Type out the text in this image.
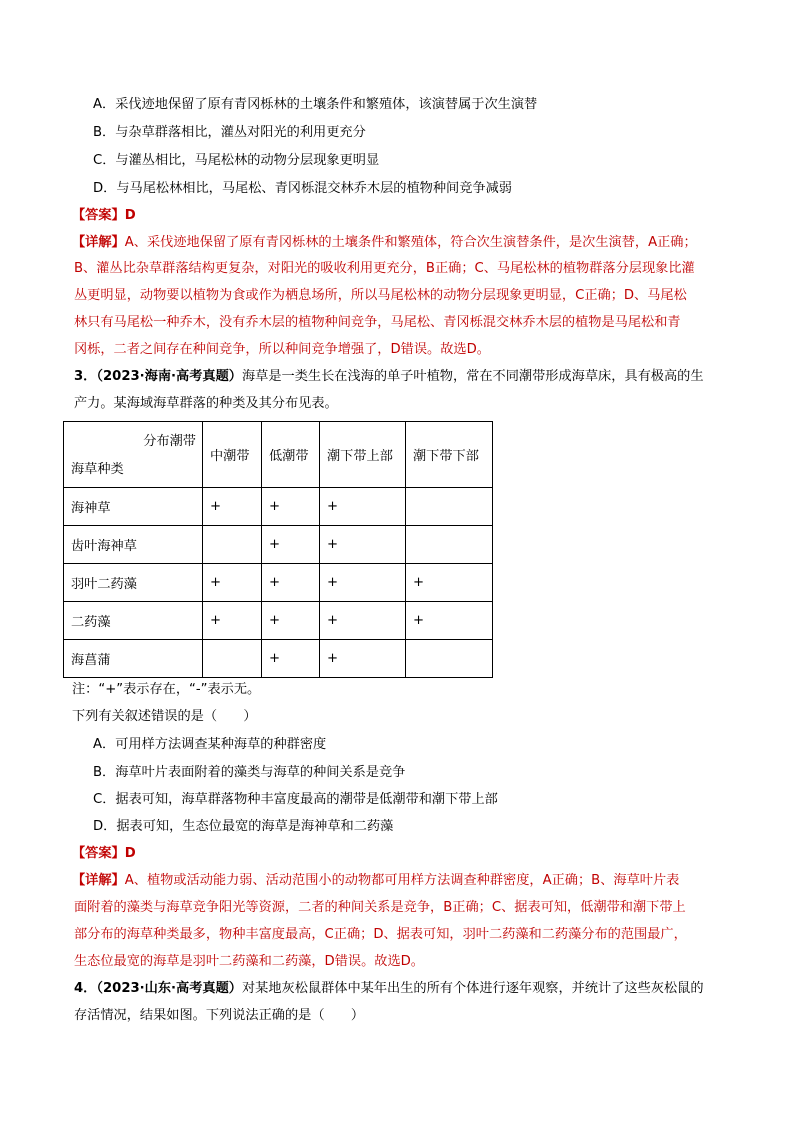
A．采伐迹地保留了原有青冈栎林的土壤条件和繁殖体，该演替属于次生演替
B．与杂草群落相比，灌丛对阳光的利用更充分
C．与灌丛相比，马尾松林的动物分层现象更明显
D．与马尾松林相比，马尾松、青冈栎混交林乔木层的植物种间竞争减弱
【答案】D
【详解】A、采伐迹地保留了原有青冈栎林的土壤条件和繁殖体，符合次生演替条件，是次生演替，A正确；
B、灌丛比杂草群落结构更复杂，对阳光的吸收利用更充分，B正确；C、马尾松林的植物群落分层现象比灌
丛更明显，动物要以植物为食或作为栖息场所，所以马尾松林的动物分层现象更明显，C正确；D、马尾松
林只有马尾松一种乔木，没有乔木层的植物种间竞争，马尾松、青冈栎混交林乔木层的植物是马尾松和青
冈栎，二者之间存在种间竞争，所以种间竞争增强了，D错误。故选D。
3．（2023·海南·高考真题）海草是一类生长在浅海的单子叶植物，常在不同潮带形成海草床，具有极高的生
产力。某海域海草群落的种类及其分布见表。
分布潮带
海草种类	中潮带	低潮带	潮下带上部	潮下带下部
海神草	+	+	+	
齿叶海神草		+	+	
羽叶二药藻	+	+	+	+
二药藻	+	+	+	+
海菖蒲		+	+	
注：“+”表示存在，“-”表示无。
下列有关叙述错误的是（　　）
A．可用样方法调查某种海草的种群密度
B．海草叶片表面附着的藻类与海草的种间关系是竞争
C．据表可知，海草群落物种丰富度最高的潮带是低潮带和潮下带上部
D．据表可知，生态位最宽的海草是海神草和二药藻
【答案】D
【详解】A、植物或活动能力弱、活动范围小的动物都可用样方法调查种群密度，A正确；B、海草叶片表
面附着的藻类与海草竞争阳光等资源，二者的种间关系是竞争，B正确；C、据表可知，低潮带和潮下带上
部分布的海草种类最多，物种丰富度最高，C正确；D、据表可知，羽叶二药藻和二药藻分布的范围最广，
生态位最宽的海草是羽叶二药藻和二药藻，D错误。故选D。
4．（2023·山东·高考真题）对某地灰松鼠群体中某年出生的所有个体进行逐年观察，并统计了这些灰松鼠的
存活情况，结果如图。下列说法正确的是（　　）
